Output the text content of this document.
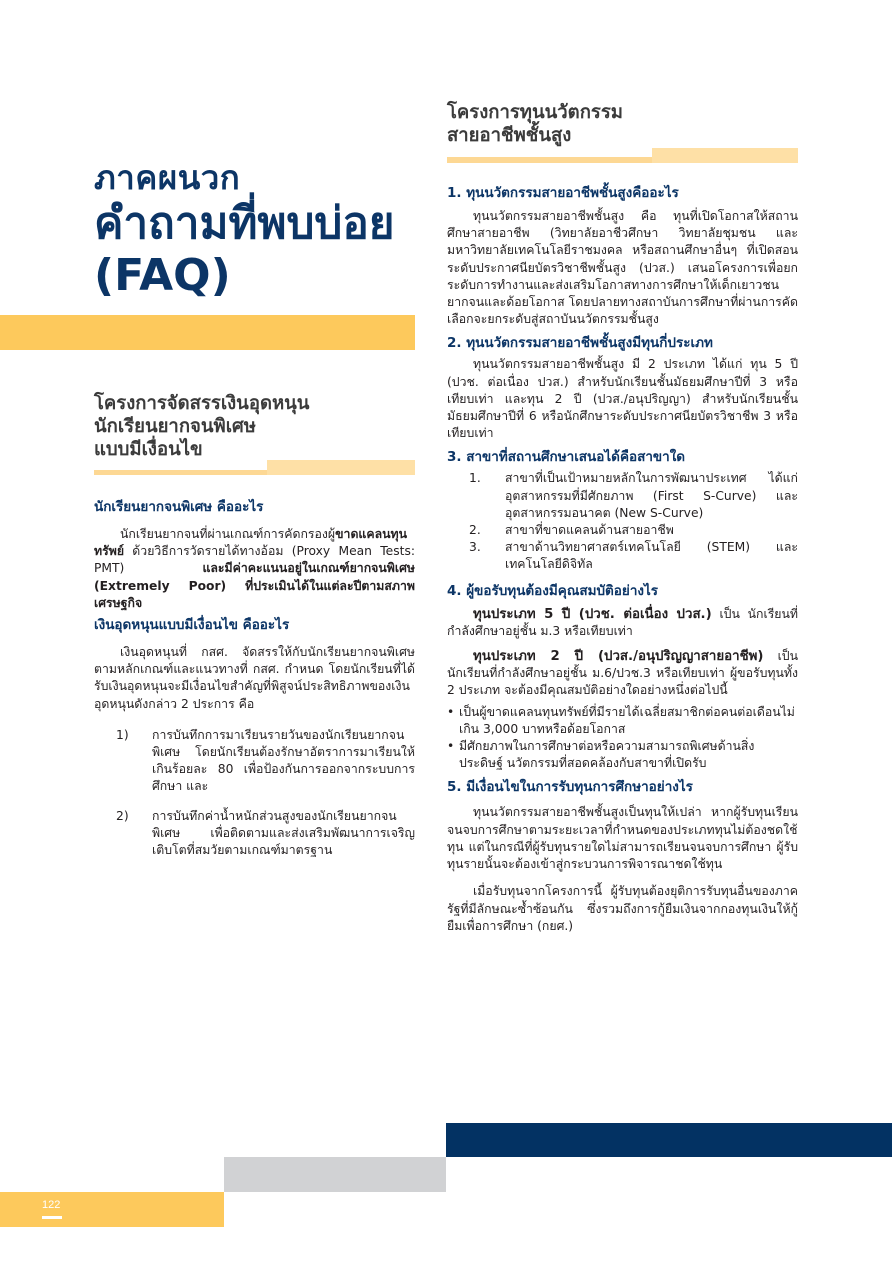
ภาคผนวก
คำถามที่พบบ่อย
(FAQ)
โครงการจัดสรรเงินอุดหนุน
นักเรียนยากจนพิเศษ
แบบมีเงื่อนไข
นักเรียนยากจนพิเศษ คืออะไร

นักเรียนยากจนที่ผ่านเกณฑ์การคัดกรองผู้ขาดแคลนทุนทรัพย์ ด้วยวิธีการวัดรายได้ทางอ้อม (Proxy Mean Tests: PMT) และมีค่าคะแนนอยู่ในเกณฑ์ยากจนพิเศษ (Extremely Poor) ที่ประเมินได้ในแต่ละปีตามสภาพเศรษฐกิจ

เงินอุดหนุนแบบมีเงื่อนไข คืออะไร

เงินอุดหนุนที่ กสศ. จัดสรรให้กับนักเรียนยากจนพิเศษตามหลักเกณฑ์และแนวทางที่ กสศ. กำหนด โดยนักเรียนที่ได้รับเงินอุดหนุนจะมีเงื่อนไขสำคัญที่พิสูจน์ประสิทธิภาพของเงินอุดหนุนดังกล่าว 2 ประการ คือ

1)	การบันทึกการมาเรียนรายวันของนักเรียนยากจนพิเศษ โดยนักเรียนต้องรักษาอัตราการมาเรียนให้เกินร้อยละ 80 เพื่อป้องกันการออกจากระบบการศึกษา และ
2)	การบันทึกค่าน้ำหนักส่วนสูงของนักเรียนยากจนพิเศษ เพื่อติดตามและส่งเสริมพัฒนาการเจริญเติบโตที่สมวัยตามเกณฑ์มาตรฐาน
โครงการทุนนวัตกรรม
สายอาชีพชั้นสูง
1. ทุนนวัตกรรมสายอาชีพชั้นสูงคืออะไร

ทุนนวัตกรรมสายอาชีพชั้นสูง คือ ทุนที่เปิดโอกาสให้สถานศึกษาสายอาชีพ (วิทยาลัยอาชีวศึกษา วิทยาลัยชุมชน และมหาวิทยาลัยเทคโนโลยีราชมงคล หรือสถานศึกษาอื่นๆ ที่เปิดสอนระดับประกาศนียบัตรวิชาชีพชั้นสูง (ปวส.) เสนอโครงการเพื่อยกระดับการทำงานและส่งเสริมโอกาสทางการศึกษาให้เด็กเยาวชนยากจนและด้อยโอกาส โดยปลายทางสถาบันการศึกษาที่ผ่านการคัดเลือกจะยกระดับสู่สถาบันนวัตกรรมชั้นสูง

2. ทุนนวัตกรรมสายอาชีพชั้นสูงมีทุนกี่ประเภท

ทุนนวัตกรรมสายอาชีพชั้นสูง มี 2 ประเภท ได้แก่ ทุน 5 ปี (ปวช. ต่อเนื่อง ปวส.) สำหรับนักเรียนชั้นมัธยมศึกษาปีที่ 3 หรือเทียบเท่า และทุน 2 ปี (ปวส./อนุปริญญา) สำหรับนักเรียนชั้นมัธยมศึกษาปีที่ 6 หรือนักศึกษาระดับประกาศนียบัตรวิชาชีพ 3 หรือเทียบเท่า

3. สาขาที่สถานศึกษาเสนอได้คือสาขาใด
1.	สาขาที่เป็นเป้าหมายหลักในการพัฒนาประเทศ ได้แก่ อุตสาหกรรมที่มีศักยภาพ (First S-Curve) และอุตสาหกรรมอนาคต (New S-Curve)
2.	สาขาที่ขาดแคลนด้านสายอาชีพ
3.	สาขาด้านวิทยาศาสตร์เทคโนโลยี (STEM) และเทคโนโลยีดิจิทัล
4. ผู้ขอรับทุนต้องมีคุณสมบัติอย่างไร

ทุนประเภท 5 ปี (ปวช. ต่อเนื่อง ปวส.) เป็น นักเรียนที่กำลังศึกษาอยู่ชั้น ม.3 หรือเทียบเท่า

ทุนประเภท 2 ปี (ปวส./อนุปริญญาสายอาชีพ) เป็นนักเรียนที่กำลังศึกษาอยู่ชั้น ม.6/ปวช.3 หรือเทียบเท่า ผู้ขอรับทุนทั้ง 2 ประเภท จะต้องมีคุณสมบัติอย่างใดอย่างหนึ่งต่อไปนี้

• เป็นผู้ขาดแคลนทุนทรัพย์ที่มีรายได้เฉลี่ยสมาชิกต่อคนต่อเดือนไม่เกิน 3,000 บาทหรือด้อยโอกาส
• มีศักยภาพในการศึกษาต่อหรือความสามารถพิเศษด้านสิ่งประดิษฐ์ นวัตกรรมที่สอดคล้องกับสาขาที่เปิดรับ
5. มีเงื่อนไขในการรับทุนการศึกษาอย่างไร

ทุนนวัตกรรมสายอาชีพชั้นสูงเป็นทุนให้เปล่า หากผู้รับทุนเรียนจนจบการศึกษาตามระยะเวลาที่กำหนดของประเภททุนไม่ต้องชดใช้ทุน แต่ในกรณีที่ผู้รับทุนรายใดไม่สามารถเรียนจนจบการศึกษา ผู้รับทุนรายนั้นจะต้องเข้าสู่กระบวนการพิจารณาชดใช้ทุน

เมื่อรับทุนจากโครงการนี้ ผู้รับทุนต้องยุติการรับทุนอื่นของภาครัฐที่มีลักษณะซ้ำซ้อนกัน ซึ่งรวมถึงการกู้ยืมเงินจากกองทุนเงินให้กู้ยืมเพื่อการศึกษา (กยศ.)

122
